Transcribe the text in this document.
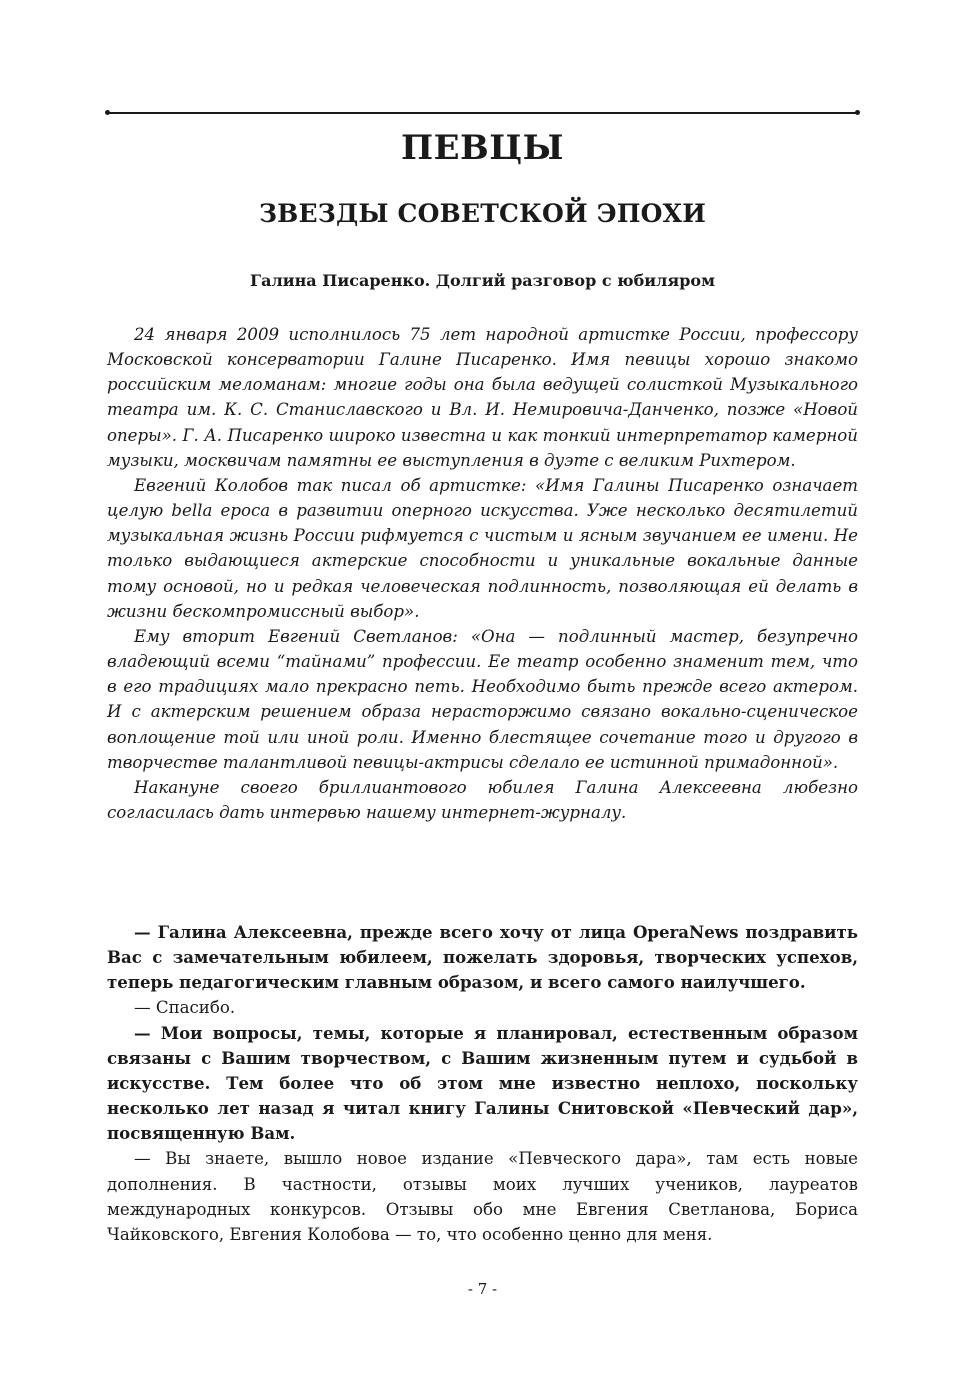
ПЕВЦЫ
ЗВЕЗДЫ СОВЕТСКОЙ ЭПОХИ
Галина Писаренко. Долгий разговор с юбиляром

24 января 2009 исполнилось 75 лет народной артистке России, профессору Московской консерватории Галине Писаренко. Имя певицы хорошо знакомо российским меломанам: многие годы она была ведущей солисткой Музыкального театра им. К. С. Станиславского и Вл. И. Немировича-Данченко, позже «Новой оперы». Г. А. Писаренко широко известна и как тонкий интерпретатор камерной музыки, москвичам памятны ее выступления в дуэте с великим Рихтером.

Евгений Колобов так писал об артистке: «Имя Галины Писаренко означает целую bella ероса в развитии оперного искусства. Уже несколько десятилетий музыкальная жизнь России рифмуется с чистым и ясным звучанием ее имени. Не только выдающиеся актерские способности и уникальные вокальные данные тому основой, но и редкая человеческая подлинность, позволяющая ей делать в жизни бескомпромиссный выбор».

Ему вторит Евгений Светланов: «Она — подлинный мастер, безупречно владеющий всеми “тайнами” профессии. Ее театр особенно знаменит тем, что в его традициях мало прекрасно петь. Необходимо быть прежде всего актером. И с актерским решением образа нерасторжимо связано вокально-сценическое воплощение той или иной роли. Именно блестящее сочетание того и другого в творчестве талантливой певицы-актрисы сделало ее истинной примадонной».

Накануне своего бриллиантового юбилея Галина Алексеевна любезно согласилась дать интервью нашему интернет-журналу.

— Галина Алексеевна, прежде всего хочу от лица OperaNews поздравить Вас с замечательным юбилеем, пожелать здоровья, творческих успехов, теперь педагогическим главным образом, и всего самого наилучшего.

— Спасибо.

— Мои вопросы, темы, которые я планировал, естественным образом связаны с Вашим творчеством, с Вашим жизненным путем и судьбой в искусстве. Тем более что об этом мне известно неплохо, поскольку несколько лет назад я читал книгу Галины Снитовской «Певческий дар», посвященную Вам.

— Вы знаете, вышло новое издание «Певческого дара», там есть новые дополнения. В частности, отзывы моих лучших учеников, лауреатов международных конкурсов. Отзывы обо мне Евгения Светланова, Бориса Чайковского, Евгения Колобова — то, что особенно ценно для меня.

- 7 -
